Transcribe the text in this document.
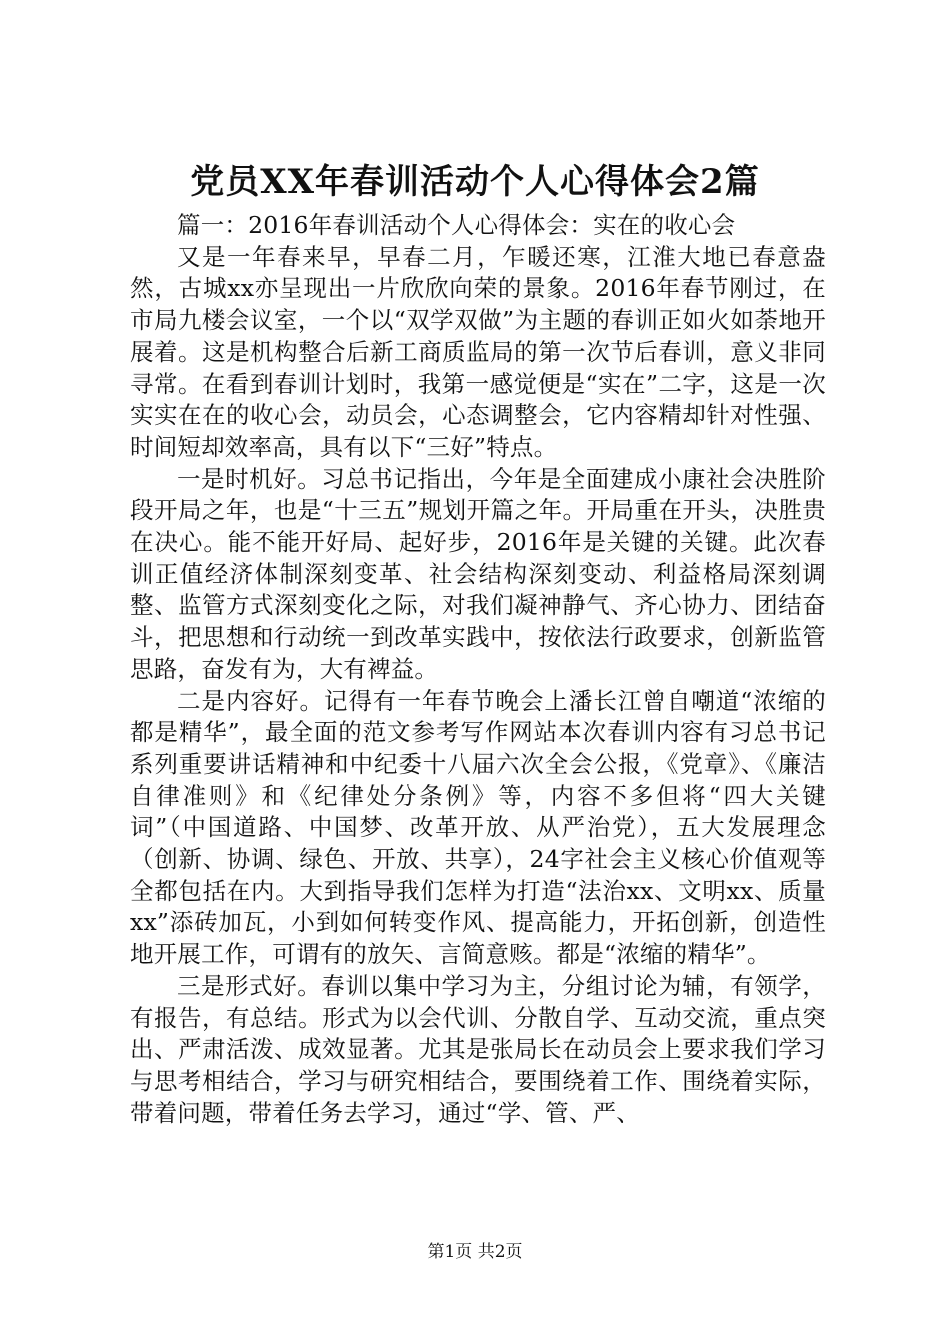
党员XX年春训活动个人心得体会2篇

篇一：2016年春训活动个人心得体会：实在的收心会

又是一年春来早，早春二月，乍暖还寒，江淮大地已春意盎然，古城xx亦呈现出一片欣欣向荣的景象。2016年春节刚过，在市局九楼会议室，一个以“双学双做”为主题的春训正如火如荼地开展着。这是机构整合后新工商质监局的第一次节后春训，意义非同寻常。在看到春训计划时，我第一感觉便是“实在”二字，这是一次实实在在的收心会，动员会，心态调整会，它内容精却针对性强、时间短却效率高，具有以下“三好”特点。

一是时机好。习总书记指出，今年是全面建成小康社会决胜阶段开局之年，也是“十三五”规划开篇之年。开局重在开头，决胜贵在决心。能不能开好局、起好步，2016年是关键的关键。此次春训正值经济体制深刻变革、社会结构深刻变动、利益格局深刻调整、监管方式深刻变化之际，对我们凝神静气、齐心协力、团结奋斗，把思想和行动统一到改革实践中，按依法行政要求，创新监管思路，奋发有为，大有裨益。

二是内容好。记得有一年春节晚会上潘长江曾自嘲道“浓缩的都是精华”，最全面的范文参考写作网站本次春训内容有习总书记系列重要讲话精神和中纪委十八届六次全会公报，《党章》、《廉洁自律准则》和《纪律处分条例》等，内容不多但将“四大关键词”（中国道路、中国梦、改革开放、从严治党），五大发展理念（创新、协调、绿色、开放、共享），24字社会主义核心价值观等全都包括在内。大到指导我们怎样为打造“法治xx、文明xx、质量xx”添砖加瓦，小到如何转变作风、提高能力，开拓创新，创造性地开展工作，可谓有的放矢、言简意赅。都是“浓缩的精华”。

三是形式好。春训以集中学习为主，分组讨论为辅，有领学，有报告，有总结。形式为以会代训、分散自学、互动交流，重点突出、严肃活泼、成效显著。尤其是张局长在动员会上要求我们学习与思考相结合，学习与研究相结合，要围绕着工作、围绕着实际，带着问题，带着任务去学习，通过“学、管、严、

第1页 共2页
